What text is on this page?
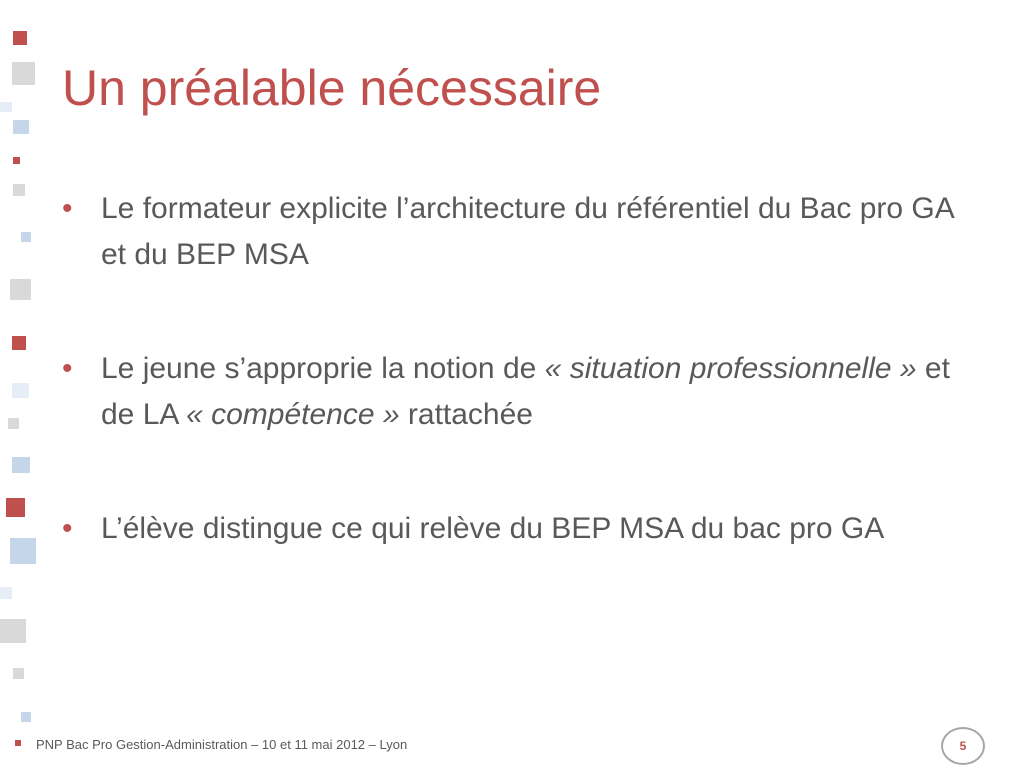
Un préalable nécessaire
• Le formateur explicite l’architecture du référentiel du Bac pro GA et du BEP MSA
• Le jeune s’approprie la notion de « situation professionnelle » et de LA « compétence » rattachée
• L’élève distingue ce qui relève du BEP MSA du bac pro GA
PNP Bac Pro Gestion-Administration – 10 et 11 mai 2012 – Lyon	5
